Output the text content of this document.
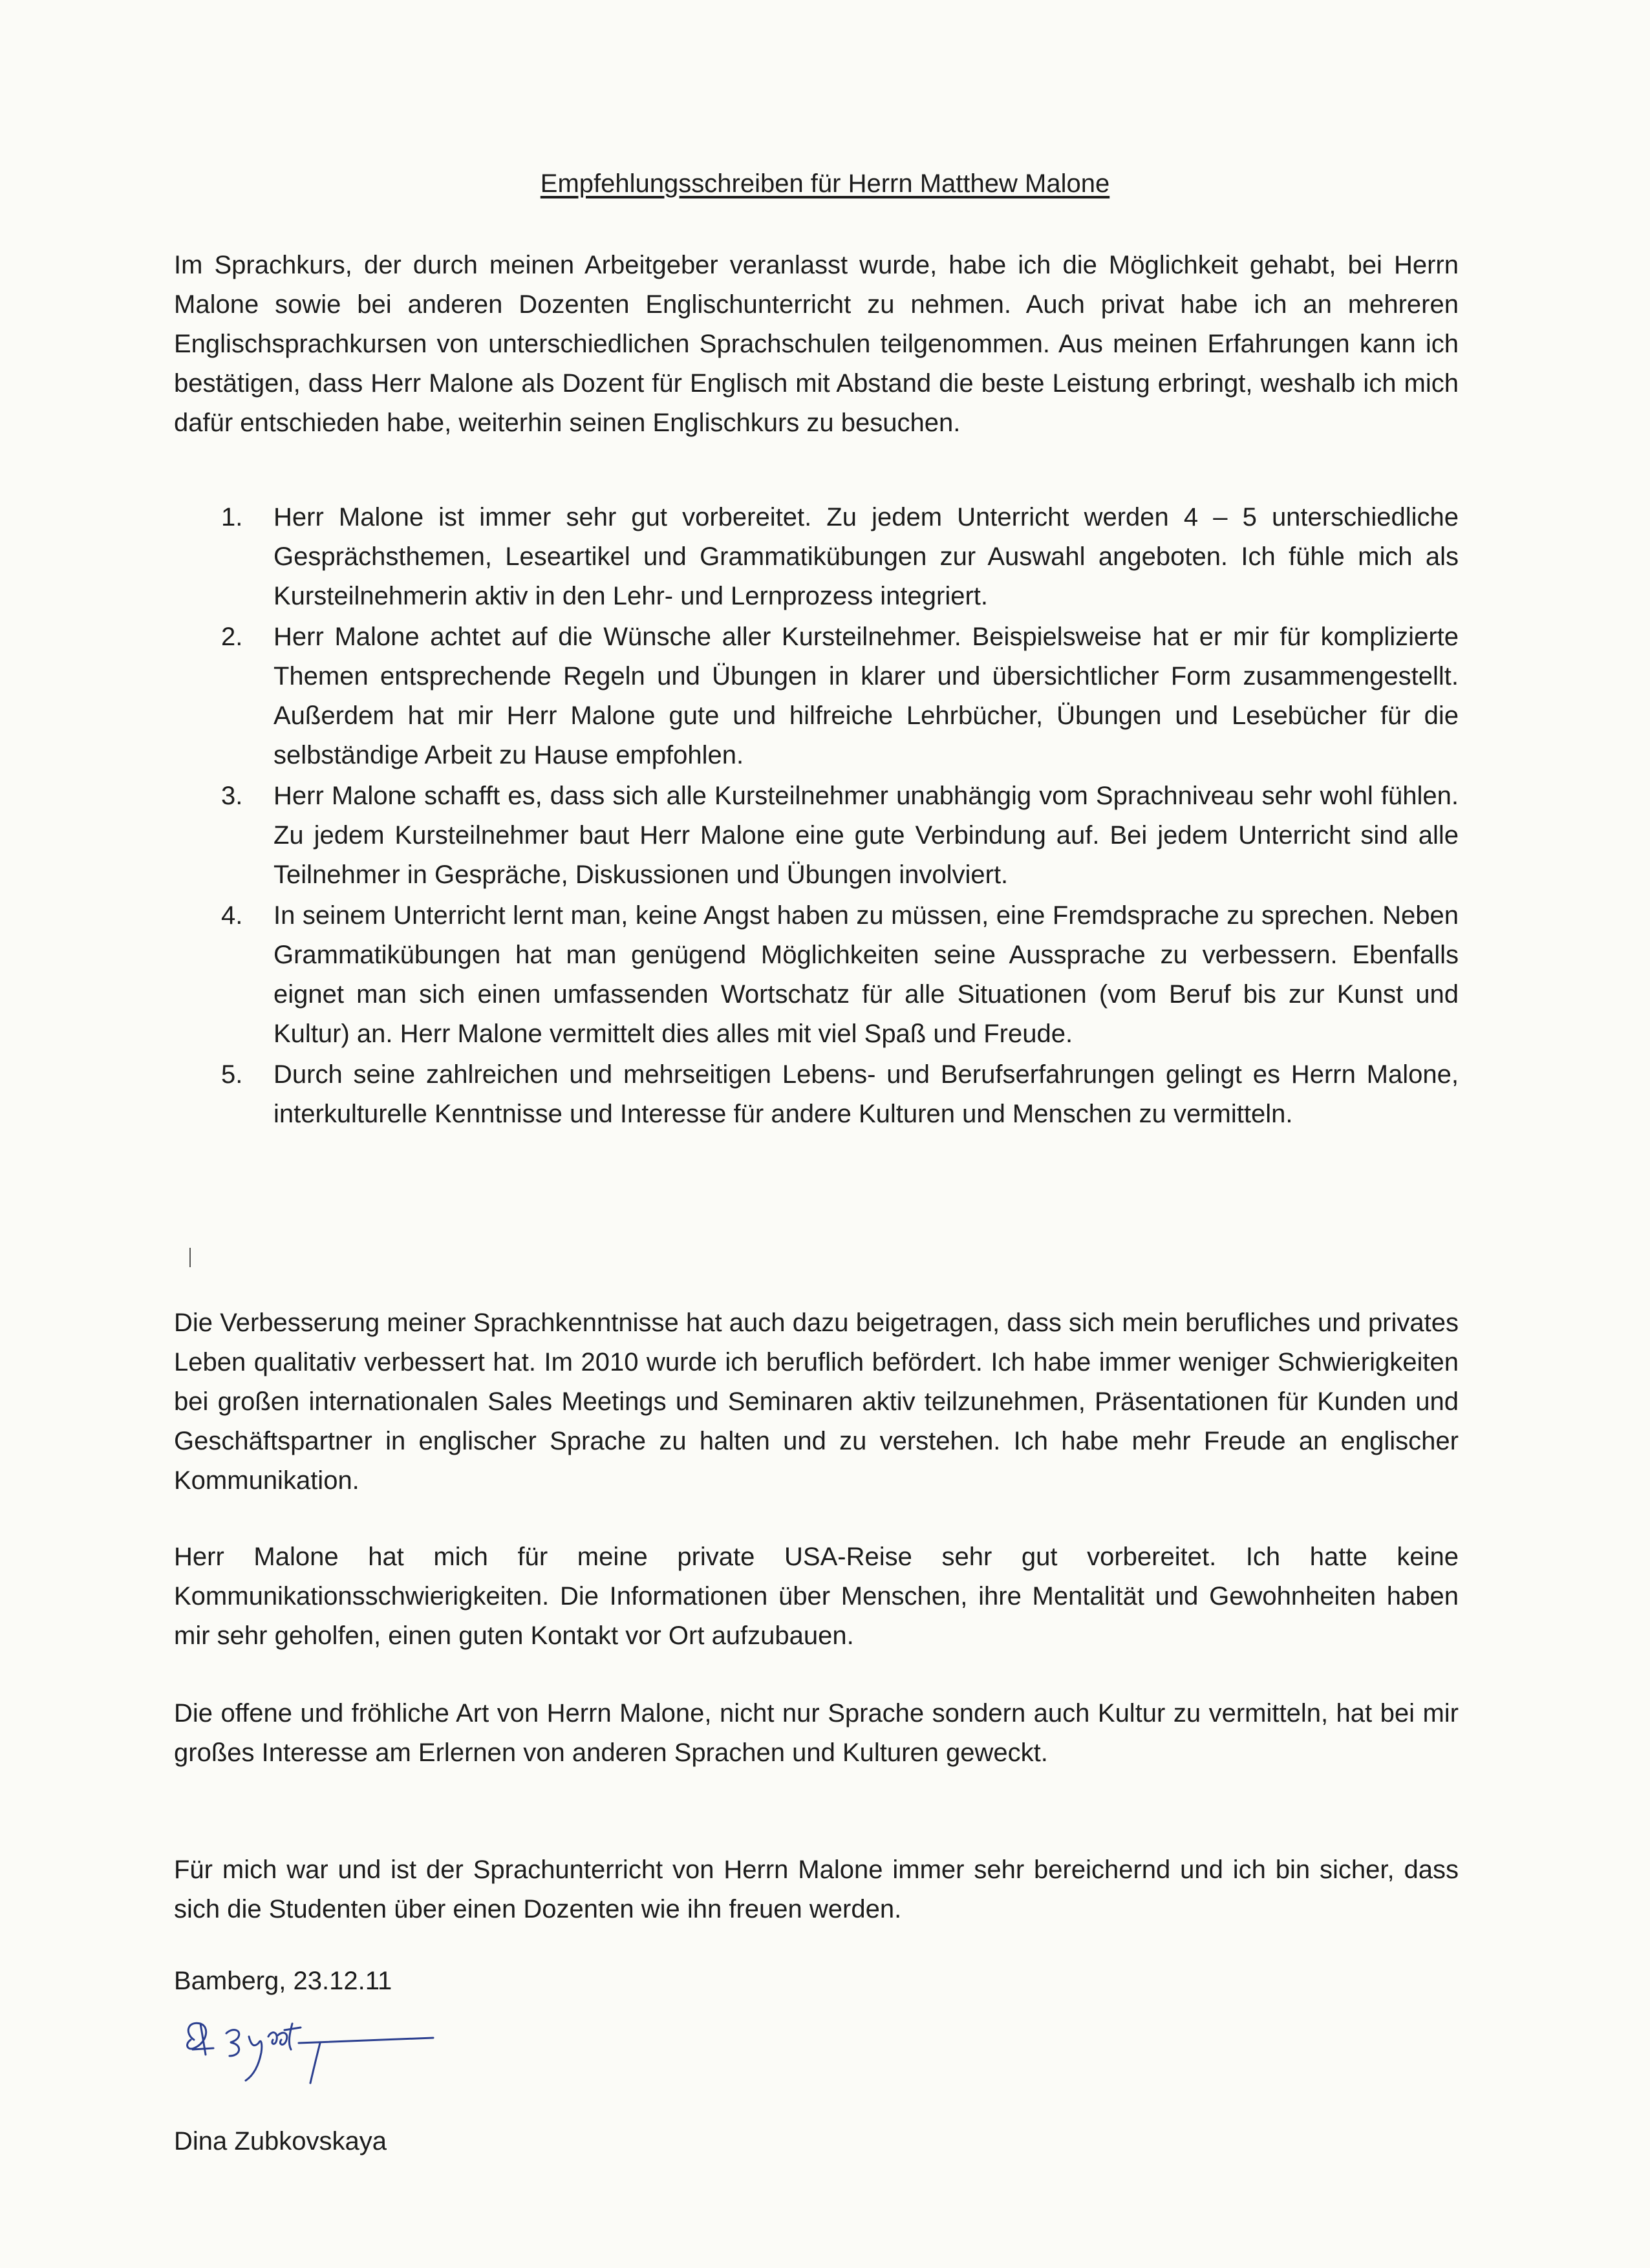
Empfehlungsschreiben für Herrn Matthew Malone

Im Sprachkurs, der durch meinen Arbeitgeber veranlasst wurde, habe ich die Möglichkeit gehabt, bei Herrn Malone sowie bei anderen Dozenten Englischunterricht zu nehmen. Auch privat habe ich an mehreren Englischsprachkursen von unterschiedlichen Sprachschulen teilgenommen. Aus meinen Erfahrungen kann ich bestätigen, dass Herr Malone als Dozent für Englisch mit Abstand die beste Leistung erbringt, weshalb ich mich dafür entschieden habe, weiterhin seinen Englischkurs zu besuchen.

1.	Herr Malone ist immer sehr gut vorbereitet. Zu jedem Unterricht werden 4 – 5 unterschiedliche Gesprächsthemen, Leseartikel und Grammatikübungen zur Auswahl angeboten. Ich fühle mich als Kursteilnehmerin aktiv in den Lehr- und Lernprozess integriert.
2.	Herr Malone achtet auf die Wünsche aller Kursteilnehmer. Beispielsweise hat er mir für komplizierte Themen entsprechende Regeln und Übungen in klarer und übersichtlicher Form zusammengestellt. Außerdem hat mir Herr Malone gute und hilfreiche Lehrbücher, Übungen und Lesebücher für die selbständige Arbeit zu Hause empfohlen.
3.	Herr Malone schafft es, dass sich alle Kursteilnehmer unabhängig vom Sprachniveau sehr wohl fühlen. Zu jedem Kursteilnehmer baut Herr Malone eine gute Verbindung auf. Bei jedem Unterricht sind alle Teilnehmer in Gespräche, Diskussionen und Übungen involviert.
4.	In seinem Unterricht lernt man, keine Angst haben zu müssen, eine Fremdsprache zu sprechen. Neben Grammatikübungen hat man genügend Möglichkeiten seine Aussprache zu verbessern. Ebenfalls eignet man sich einen umfassenden Wortschatz für alle Situationen (vom Beruf bis zur Kunst und Kultur) an. Herr Malone vermittelt dies alles mit viel Spaß und Freude.
5.	Durch seine zahlreichen und mehrseitigen Lebens- und Berufserfahrungen gelingt es Herrn Malone, interkulturelle Kenntnisse und Interesse für andere Kulturen und Menschen zu vermitteln.

Die Verbesserung meiner Sprachkenntnisse hat auch dazu beigetragen, dass sich mein berufliches und privates Leben qualitativ verbessert hat. Im 2010 wurde ich beruflich befördert. Ich habe immer weniger Schwierigkeiten bei großen internationalen Sales Meetings und Seminaren aktiv teilzunehmen, Präsentationen für Kunden und Geschäftspartner in englischer Sprache zu halten und zu verstehen. Ich habe mehr Freude an englischer Kommunikation.

Herr Malone hat mich für meine private USA-Reise sehr gut vorbereitet. Ich hatte keine Kommunikationsschwierigkeiten. Die Informationen über Menschen, ihre Mentalität und Gewohnheiten haben mir sehr geholfen, einen guten Kontakt vor Ort aufzubauen.

Die offene und fröhliche Art von Herrn Malone, nicht nur Sprache sondern auch Kultur zu vermitteln, hat bei mir großes Interesse am Erlernen von anderen Sprachen und Kulturen geweckt.

Für mich war und ist der Sprachunterricht von Herrn Malone immer sehr bereichernd und ich bin sicher, dass sich die Studenten über einen Dozenten wie ihn freuen werden.

Bamberg, 23.12.11
Dina Zubkovskaya
